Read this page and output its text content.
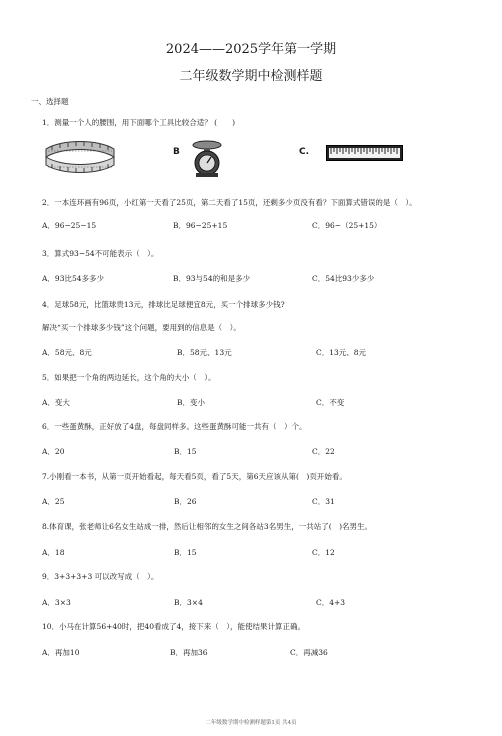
2024——2025学年第一学期
二年级数学期中检测样题
一、选择题
1．测量一个人的腰围，用下面哪个工具比较合适？ (　　)
B	C.
2．一本连环画有96页，小红第一天看了25页，第二天看了15页，还剩多少页没有看？下面算式错误的是（　）。
A．96−25−15	B．96−25+15	C．96−（25+15）
3．算式93−54不可能表示（　）。
A．93比54多多少	B．93与54的和是多少	C．54比93少多少
4．足球58元，比篮球贵13元，排球比足球便宜8元，买一个排球多少钱?
解决“买一个排球多少钱”这个问题，要用到的信息是（　）。
A．58元、8元	B．58元、13元	C．13元、8元
5．如果把一个角的两边延长，这个角的大小（　）。
A．变大	B．变小	C．不变
6．一些蛋黄酥，正好放了4盘，每盘同样多。这些蛋黄酥可能一共有（　）个。
A．20	B．15	C．22
7.小刚看一本书，从第一页开始看起，每天看5页，看了5天，第6天应该从第(　)页开始看。
A．25	B．26	C．31
8.体育课，张老师让6名女生站成一排，然后让相邻的女生之间各站3名男生，一共站了(　)名男生。
A．18	B．15	C．12
9．3+3+3+3 可以改写成（　）。
A．3×3	B．3×4	C．4+3
10．小马在计算56+40时，把40看成了4，接下来（　），能使结果计算正确。
A．再加10	B．再加36	C．再减36
二年级数学期中检测样题第1页 共4页
